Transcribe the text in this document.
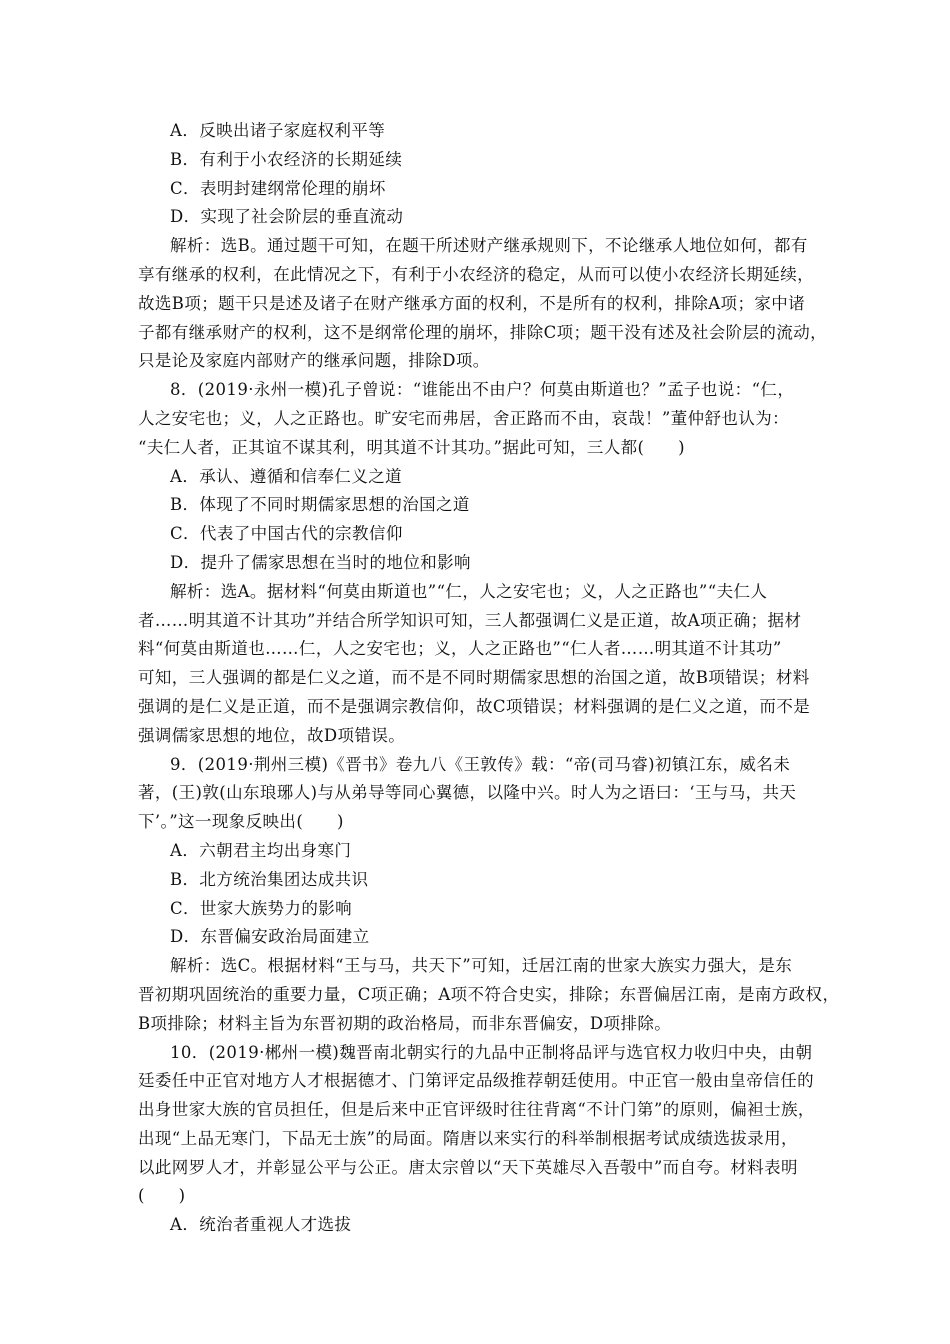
A．反映出诸子家庭权利平等
B．有利于小农经济的长期延续
C．表明封建纲常伦理的崩坏
D．实现了社会阶层的垂直流动
解析：选B。通过题干可知，在题干所述财产继承规则下，不论继承人地位如何，都有
享有继承的权利，在此情况之下，有利于小农经济的稳定，从而可以使小农经济长期延续，
故选B项；题干只是述及诸子在财产继承方面的权利，不是所有的权利，排除A项；家中诸
子都有继承财产的权利，这不是纲常伦理的崩坏，排除C项；题干没有述及社会阶层的流动，
只是论及家庭内部财产的继承问题，排除D项。
8．(2019·永州一模)孔子曾说：“谁能出不由户？何莫由斯道也？”孟子也说：“仁，
人之安宅也；义，人之正路也。旷安宅而弗居，舍正路而不由，哀哉！”董仲舒也认为：
“夫仁人者，正其谊不谋其利，明其道不计其功。”据此可知，三人都(　　)
A．承认、遵循和信奉仁义之道
B．体现了不同时期儒家思想的治国之道
C．代表了中国古代的宗教信仰
D．提升了儒家思想在当时的地位和影响
解析：选A。据材料“何莫由斯道也”“仁，人之安宅也；义，人之正路也”“夫仁人
者……明其道不计其功”并结合所学知识可知，三人都强调仁义是正道，故A项正确；据材
料“何莫由斯道也……仁，人之安宅也；义，人之正路也”“仁人者……明其道不计其功”
可知，三人强调的都是仁义之道，而不是不同时期儒家思想的治国之道，故B项错误；材料
强调的是仁义是正道，而不是强调宗教信仰，故C项错误；材料强调的是仁义之道，而不是
强调儒家思想的地位，故D项错误。
9．(2019·荆州三模)《晋书》卷九八《王敦传》载：“帝(司马睿)初镇江东，威名未
著，(王)敦(山东琅琊人)与从弟导等同心翼德，以隆中兴。时人为之语曰：‘王与马，共天
下’。”这一现象反映出(　　)
A．六朝君主均出身寒门
B．北方统治集团达成共识
C．世家大族势力的影响
D．东晋偏安政治局面建立
解析：选C。根据材料“王与马，共天下”可知，迁居江南的世家大族实力强大，是东
晋初期巩固统治的重要力量，C项正确；A项不符合史实，排除；东晋偏居江南，是南方政权，
B项排除；材料主旨为东晋初期的政治格局，而非东晋偏安，D项排除。
10．(2019·郴州一模)魏晋南北朝实行的九品中正制将品评与选官权力收归中央，由朝
廷委任中正官对地方人才根据德才、门第评定品级推荐朝廷使用。中正官一般由皇帝信任的
出身世家大族的官员担任，但是后来中正官评级时往往背离“不计门第”的原则，偏袒士族，
出现“上品无寒门，下品无士族”的局面。隋唐以来实行的科举制根据考试成绩选拔录用，
以此网罗人才，并彰显公平与公正。唐太宗曾以“天下英雄尽入吾彀中”而自夸。材料表明
(　　)
A．统治者重视人才选拔
